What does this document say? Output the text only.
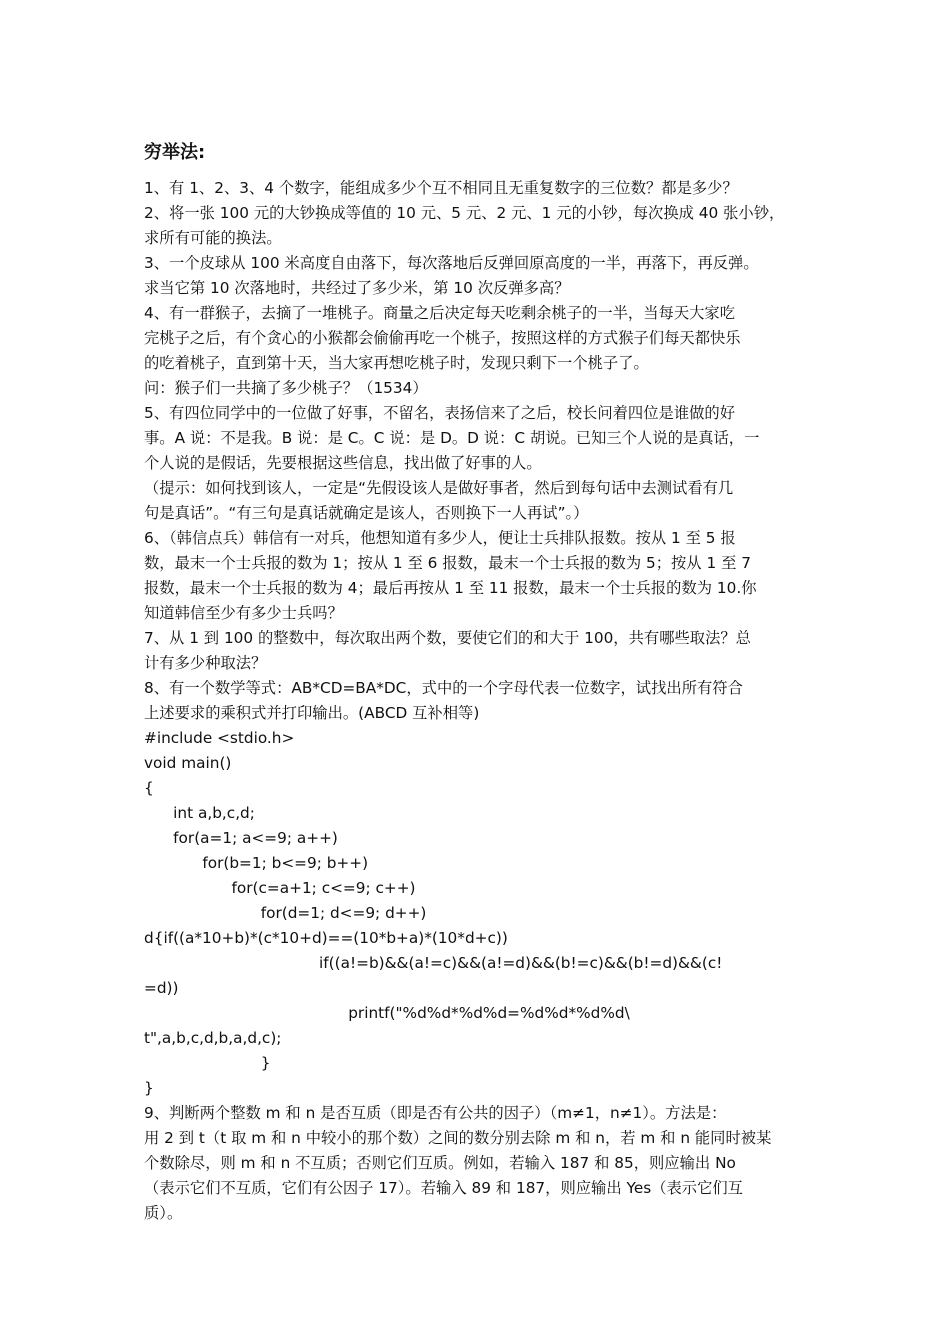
穷举法:
1、有 1、2、3、4 个数字，能组成多少个互不相同且无重复数字的三位数？都是多少？
2、将一张 100 元的大钞换成等值的 10 元、5 元、2 元、1 元的小钞，每次换成 40 张小钞，
求所有可能的换法。
3、一个皮球从 100 米高度自由落下，每次落地后反弹回原高度的一半，再落下，再反弹。
求当它第 10 次落地时，共经过了多少米，第 10 次反弹多高？
4、有一群猴子，去摘了一堆桃子。商量之后决定每天吃剩余桃子的一半，当每天大家吃
完桃子之后，有个贪心的小猴都会偷偷再吃一个桃子，按照这样的方式猴子们每天都快乐
的吃着桃子，直到第十天，当大家再想吃桃子时，发现只剩下一个桃子了。
问：猴子们一共摘了多少桃子？（1534）
5、有四位同学中的一位做了好事，不留名，表扬信来了之后，校长问着四位是谁做的好
事。A 说：不是我。B 说：是 C。C 说：是 D。D 说：C 胡说。已知三个人说的是真话，一
个人说的是假话，先要根据这些信息，找出做了好事的人。
（提示：如何找到该人，一定是“先假设该人是做好事者，然后到每句话中去测试看有几
句是真话”。“有三句是真话就确定是该人，否则换下一人再试”。）
6、（韩信点兵）韩信有一对兵，他想知道有多少人，便让士兵排队报数。按从 1 至 5 报
数，最末一个士兵报的数为 1；按从 1 至 6 报数，最末一个士兵报的数为 5；按从 1 至 7
报数，最末一个士兵报的数为 4；最后再按从 1 至 11 报数，最末一个士兵报的数为 10.你
知道韩信至少有多少士兵吗？
7、从 1 到 100 的整数中，每次取出两个数，要使它们的和大于 100，共有哪些取法？总
计有多少种取法？
8、有一个数学等式：AB*CD=BA*DC，式中的一个字母代表一位数字，试找出所有符合
上述要求的乘积式并打印输出。(ABCD 互补相等)
#include <stdio.h>
void main()
{
int a,b,c,d;
for(a=1; a<=9; a++)
for(b=1; b<=9; b++)
for(c=a+1; c<=9; c++)
for(d=1; d<=9; d++)
d{if((a*10+b)*(c*10+d)==(10*b+a)*(10*d+c))
if((a!=b)&&(a!=c)&&(a!=d)&&(b!=c)&&(b!=d)&&(c!
=d))
printf("%d%d*%d%d=%d%d*%d%d\
t",a,b,c,d,b,a,d,c);
}
}
9、判断两个整数 m 和 n 是否互质（即是否有公共的因子）（m≠1，n≠1）。方法是：
用 2 到 t（t 取 m 和 n 中较小的那个数）之间的数分别去除 m 和 n，若 m 和 n 能同时被某
个数除尽，则 m 和 n 不互质；否则它们互质。例如，若输入 187 和 85，则应输出 No
（表示它们不互质，它们有公因子 17）。若输入 89 和 187，则应输出 Yes（表示它们互
质）。
